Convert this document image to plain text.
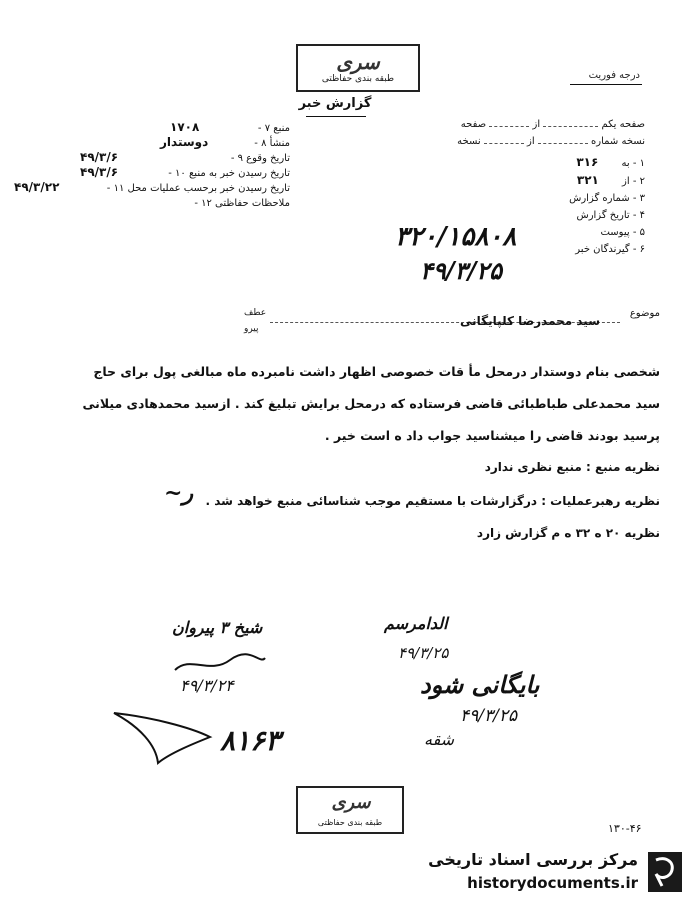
سری
طبقه بندی حفاظتی	درجه فوریت
گزارش خبر
منبع ۷ -
۱۷۰۸
منشأ ۸ -
دوستدار
تاریخ وقوع ۹ -
۴۹/۳/۶
تاریخ رسیدن خبر به منبع ۱۰ -
۴۹/۳/۶
تاریخ رسیدن خبر برحسب عملیات محل ۱۱ -
۴۹/۳/۲۲
ملاحظات حفاظتی ۱۲ -
صفحه یکم  از  صفحه
نسخه شماره  از  نسخه
۱ - به ۳۱۶
۲ - از ۳۲۱
۳ - شماره گزارش
۴ - تاریخ گزارش
۵ - پیوست
۶ - گیرندگان خبر
۳۲۰/۱۵۸۰۸
۴۹/۳/۲۵
موضوع
سید محمدرضا کلپایگانی
عطف
پیرو
شخصی بنام دوستدار درمحل مأ قات خصوصی اظهار داشت نامبرده ماه مبالغی پول برای حاج
سید محمدعلی طباطبائی قاضی فرستاده که درمحل برایش تبلیغ کند . ازسید محمدهادی میلانی
پرسید بودند قاضی را میشناسید جواب داد ه است خیر .
نظریه منبع : منبع نظری ندارد
نظریه رهبرعملیات : درگزارشات با مستقیم موجب شناسائی منبع خواهد شد .
~ر
نظریه ۲۰ ه ۳۲ ه م گزارش زارد
شیخ ۳ پیروان
۴۹/۳/۲۴
۸۱۶۳
الدامرسم
۴۹/۳/۲۵
بایگانی شود
۴۹/۳/۲۵
شقه
سری
طبقه بندی حفاظتی	۱۳۰-۴۶
مرکز بررسی اسناد تاریخی
historydocuments.ir
